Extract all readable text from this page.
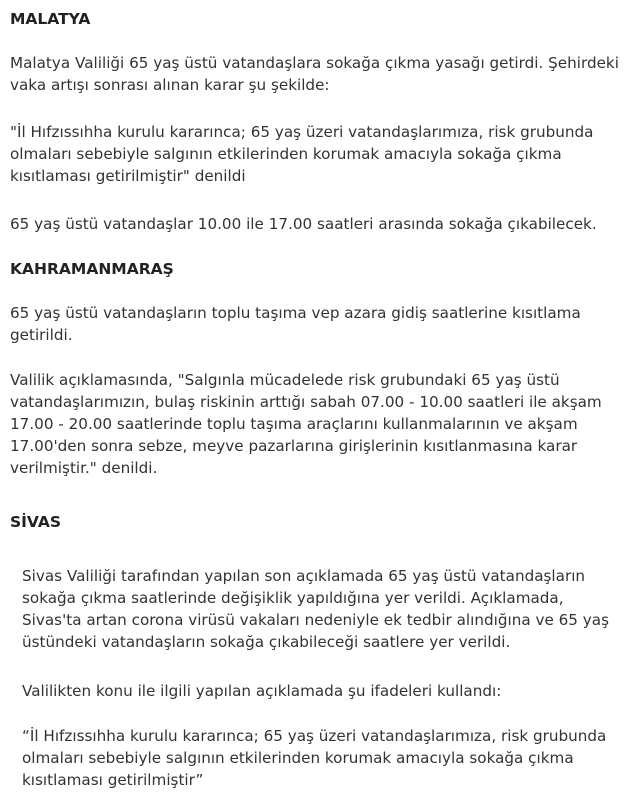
MALATYA

Malatya Valiliği 65 yaş üstü vatandaşlara sokağa çıkma yasağı getirdi. Şehirdeki vaka artışı sonrası alınan karar şu şekilde:

"İl Hıfzıssıhha kurulu kararınca; 65 yaş üzeri vatandaşlarımıza, risk grubunda olmaları sebebiyle salgının etkilerinden korumak amacıyla sokağa çıkma kısıtlaması getirilmiştir" denildi

65 yaş üstü vatandaşlar 10.00 ile 17.00 saatleri arasında sokağa çıkabilecek.

KAHRAMANMARAŞ

65 yaş üstü vatandaşların toplu taşıma vep azara gidiş saatlerine kısıtlama getirildi.

Valilik açıklamasında, "Salgınla mücadelede risk grubundaki 65 yaş üstü vatandaşlarımızın, bulaş riskinin arttığı sabah 07.00 - 10.00 saatleri ile akşam 17.00 - 20.00 saatlerinde toplu taşıma araçlarını kullanmalarının ve akşam 17.00'den sonra sebze, meyve pazarlarına girişlerinin kısıtlanmasına karar verilmiştir." denildi.

SİVAS

Sivas Valiliği tarafından yapılan son açıklamada 65 yaş üstü vatandaşların sokağa çıkma saatlerinde değişiklik yapıldığına yer verildi. Açıklamada, Sivas'ta artan corona virüsü vakaları nedeniyle ek tedbir alındığına ve 65 yaş üstündeki vatandaşların sokağa çıkabileceği saatlere yer verildi.

Valilikten konu ile ilgili yapılan açıklamada şu ifadeleri kullandı:

“İl Hıfzıssıhha kurulu kararınca; 65 yaş üzeri vatandaşlarımıza, risk grubunda olmaları sebebiyle salgının etkilerinden korumak amacıyla sokağa çıkma kısıtlaması getirilmiştir”
